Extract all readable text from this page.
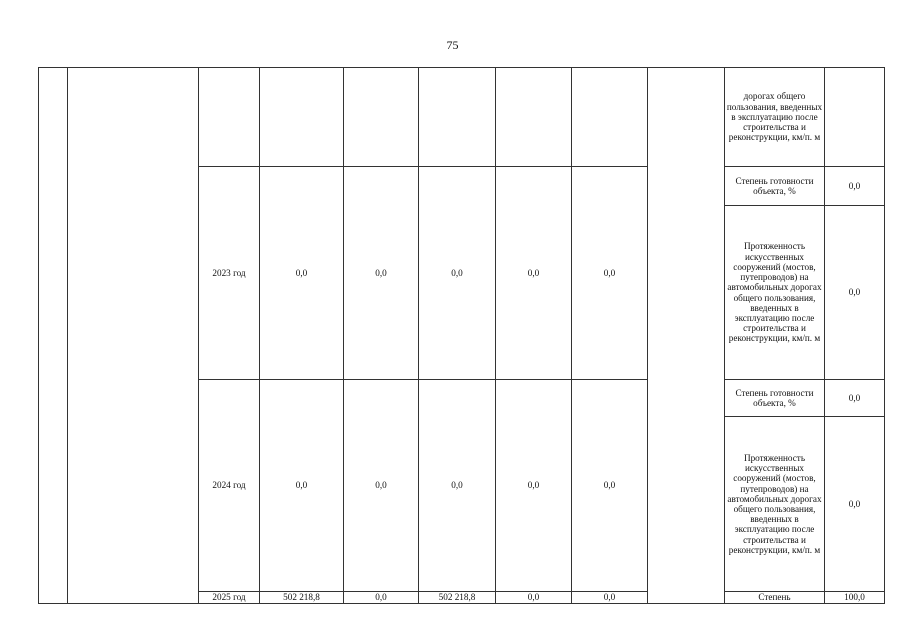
75
									дорогах общего пользования, введенных в эксплуатацию после строительства и реконструкции, км/п. м	
		2023 год	0,0	0,0	0,0	0,0	0,0		Степень готовности объекта, %	0,0
									Протяженность искусственных сооружений (мостов, путепроводов) на автомобильных дорогах общего пользования, введенных в эксплуатацию после строительства и реконструкции, км/п. м	0,0
		2024 год	0,0	0,0	0,0	0,0	0,0		Степень готовности объекта, %	0,0
									Протяженность искусственных сооружений (мостов, путепроводов) на автомобильных дорогах общего пользования, введенных в эксплуатацию после строительства и реконструкции, км/п. м	0,0
		2025 год	502 218,8	0,0	502 218,8	0,0	0,0		Степень	100,0
